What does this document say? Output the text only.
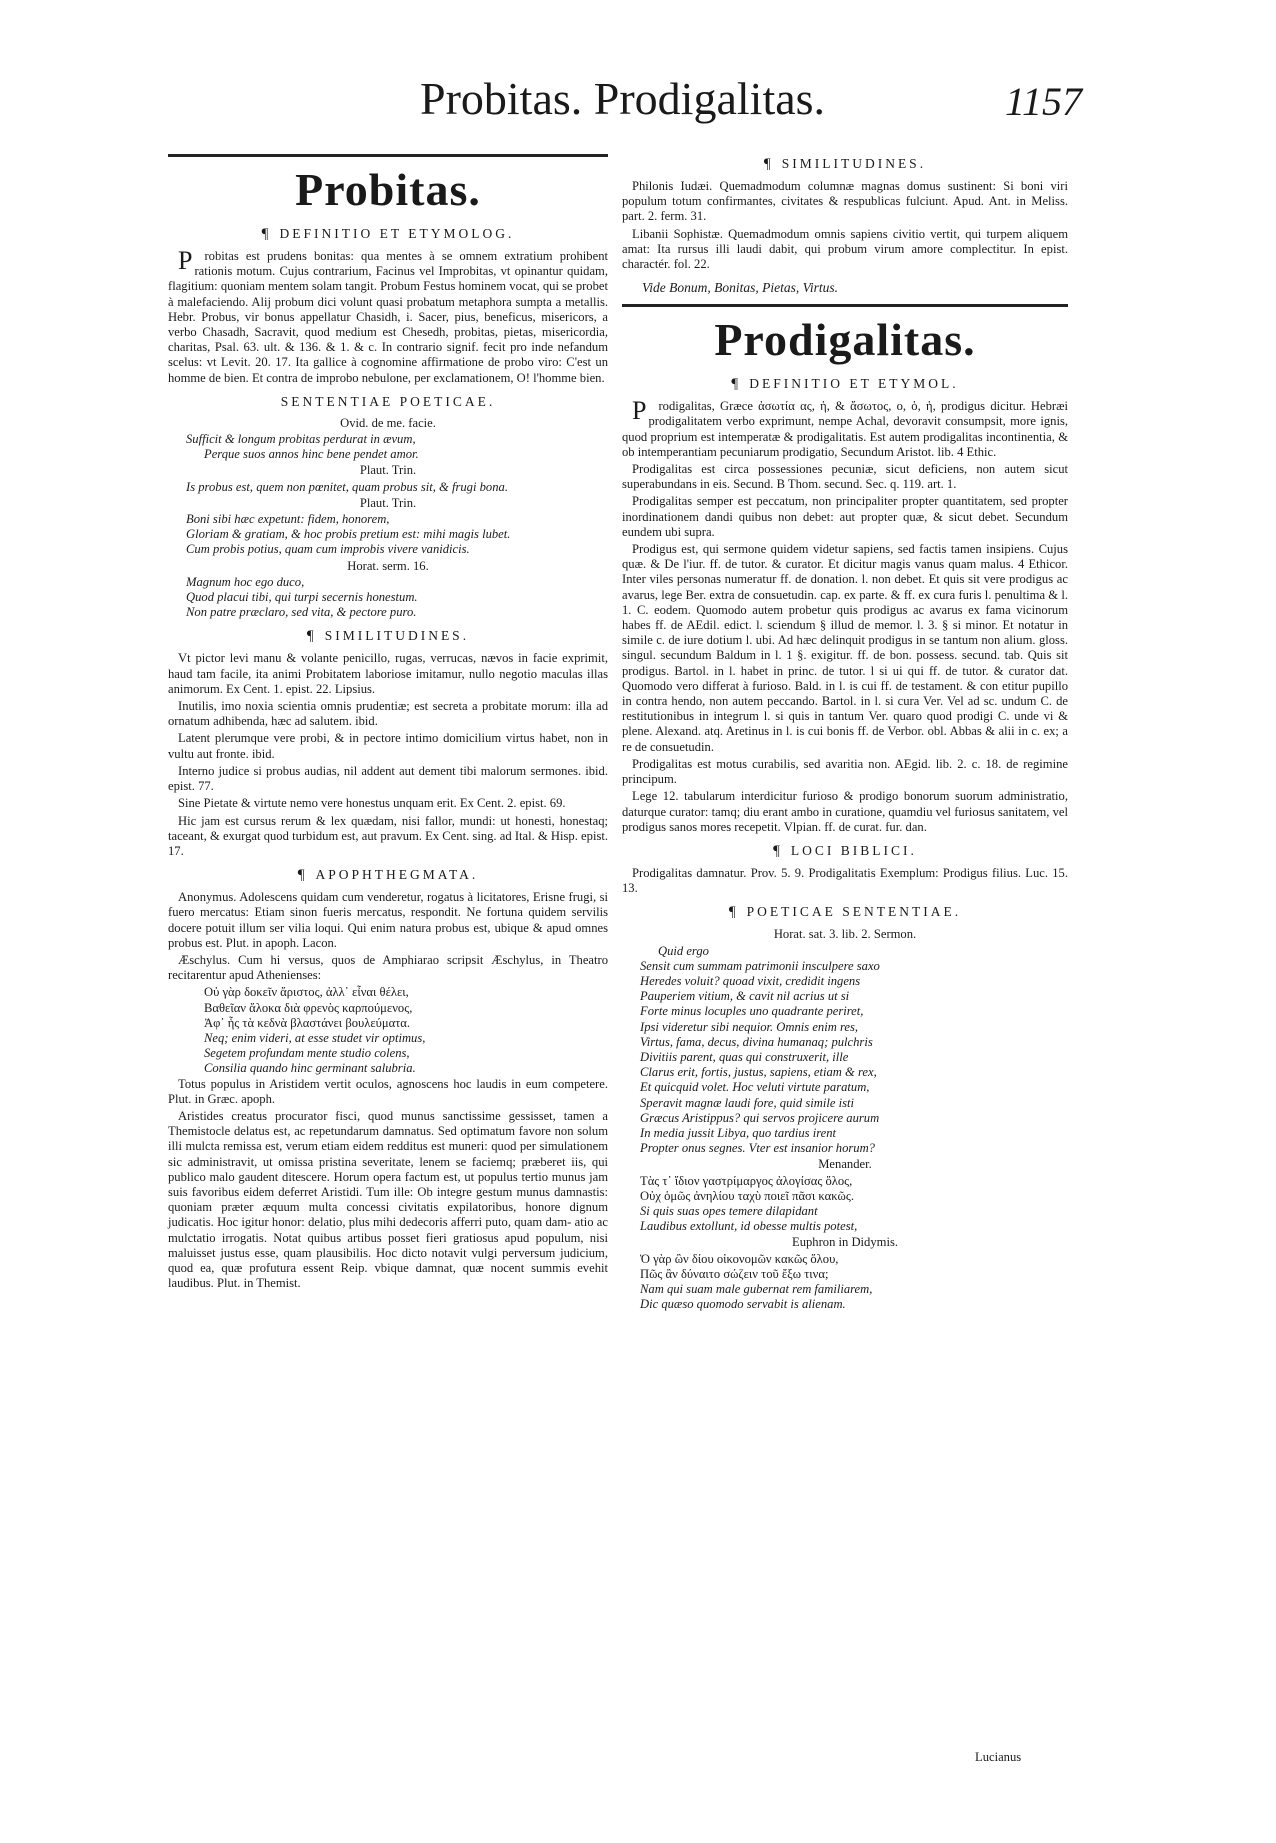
Probitas. Prodigalitas.	1157
Probitas.
¶ DEFINITIO ET ETYMOLOG.

Probitas est prudens bonitas: qua mentes à se omnem extratium prohibent rationis motum. Cujus contrarium, Facinus vel Improbitas, vt opinantur quidam, flagitium: quoniam mentem solam tangit. Probum Festus hominem vocat, qui se probet à malefaciendo. Alij probum dici volunt quasi probatum metaphora sumpta a metallis. Hebr. Probus, vir bonus appellatur Chasidh, i. Sacer, pius, beneficus, misericors, a verbo Chasadh, Sacravit, quod medium est Chesedh, probitas, pietas, misericordia, charitas, Psal. 63. ult. & 136. & 1. & c. In contrario signif. fecit pro inde nefandum scelus: vt Levit. 20. 17. Ita gallice à cognomine affirmatione de probo viro: C'est un homme de bien. Et contra de improbo nebulone, per exclamationem, O! l'homme bien.

SENTENTIAE POETICAE.
Ovid. de me. facie.

Sufficit & longum probitas perdurat in ævum,

Perque suos annos hinc bene pendet amor.

Plaut. Trin.

Is probus est, quem non pœnitet, quam probus sit, & frugi bona.

Plaut. Trin.

Boni sibi hæc expetunt: fidem, honorem,

Gloriam & gratiam, & hoc probis pretium est: mihi magis lubet.

Cum probis potius, quam cum improbis vivere vanidicis.

Horat. serm. 16.

Magnum hoc ego duco,

Quod placui tibi, qui turpi secernis honestum.

Non patre præclaro, sed vita, & pectore puro.

¶ SIMILITUDINES.

Vt pictor levi manu & volante penicillo, rugas, verrucas, nævos in facie exprimit, haud tam facile, ita animi Probitatem laboriose imitamur, nullo negotio maculas illas animorum. Ex Cent. 1. epist. 22. Lipsius.

Inutilis, imo noxia scientia omnis prudentiæ; est secreta a probitate morum: illa ad ornatum adhibenda, hæc ad salutem. ibid.

Latent plerumque vere probi, & in pectore intimo domicilium virtus habet, non in vultu aut fronte. ibid.

Interno judice si probus audias, nil addent aut dement tibi malorum sermones. ibid. epist. 77.

Sine Pietate & virtute nemo vere honestus unquam erit. Ex Cent. 2. epist. 69.

Hic jam est cursus rerum & lex quædam, nisi fallor, mundi: ut honesti, honestaq; taceant, & exurgat quod turbidum est, aut pravum. Ex Cent. sing. ad Ital. & Hisp. epist. 17.

¶ APOPHTHEGMATA.

Anonymus. Adolescens quidam cum venderetur, rogatus à licitatores, Erisne frugi, si fuero mercatus: Etiam sinon fueris mercatus, respondit. Ne fortuna quidem servilis docere potuit illum ser vilia loqui. Qui enim natura probus est, ubique & apud omnes probus est. Plut. in apoph. Lacon.

Æschylus. Cum hi versus, quos de Amphiarao scripsit Æschylus, in Theatro recitarentur apud Athenienses:

Οὐ γὰρ δοκεῖν ἄριστος, ἀλλ᾽ εἶναι θέλει,

Βαθεῖαν ἄλοκα διὰ φρενὸς καρπούμενος,

Ἀφ᾽ ἧς τὰ κεδνὰ βλαστάνει βουλεύματα.

Neq; enim videri, at esse studet vir optimus,

Segetem profundam mente studio colens,

Consilia quando hinc germinant salubria.

Totus populus in Aristidem vertit oculos, agnoscens hoc laudis in eum competere. Plut. in Græc. apoph.

Aristides creatus procurator fisci, quod munus sanctissime gessisset, tamen a Themistocle delatus est, ac repetundarum damnatus. Sed optimatum favore non solum illi mulcta remissa est, verum etiam eidem redditus est muneri: quod per simulationem sic administravit, ut omissa pristina severitate, lenem se faciemq; præberet iis, qui publico malo gaudent ditescere. Horum opera factum est, ut populus tertio munus jam suis favoribus eidem deferret Aristidi. Tum ille: Ob integre gestum munus damnastis: quoniam præter æquum multa concessi civitatis expilatoribus, honore dignum judicatis. Hoc igitur honor: delatio, plus mihi dedecoris afferri puto, quam dam- atio ac mulctatio irrogatis. Notat quibus artibus posset fieri gratiosus apud populum, nisi maluisset justus esse, quam plausibilis. Hoc dicto notavit vulgi perversum judicium, quod ea, quæ profutura essent Reip. vbique damnat, quæ nocent summis evehit laudibus. Plut. in Themist.

¶ SIMILITUDINES.

Philonis Iudæi. Quemadmodum columnæ magnas domus sustinent: Si boni viri populum totum confirmantes, civitates & respublicas fulciunt. Apud. Ant. in Meliss. part. 2. ferm. 31.

Libanii Sophistæ. Quemadmodum omnis sapiens civitio vertit, qui turpem aliquem amat: Ita rursus illi laudi dabit, qui probum virum amore complectitur. In epist. charactér. fol. 22.

Vide Bonum, Bonitas, Pietas, Virtus.
Prodigalitas.
¶ DEFINITIO ET ETYMOL.

Prodigalitas, Græce ἀσωτία ας, ἡ, & ἄσωτος, ο, ὁ, ἡ, prodigus dicitur. Hebræi prodigalitatem verbo exprimunt, nempe Achal, devoravit consumpsit, more ignis, quod proprium est intemperatæ & prodigalitatis. Est autem prodigalitas incontinentia, & ob intemperantiam pecuniarum prodigatio, Secundum Aristot. lib. 4 Ethic.

Prodigalitas est circa possessiones pecuniæ, sicut deficiens, non autem sicut superabundans in eis. Secund. B Thom. secund. Sec. q. 119. art. 1.

Prodigalitas semper est peccatum, non principaliter propter quantitatem, sed propter inordinationem dandi quibus non debet: aut propter quæ, & sicut debet. Secundum eundem ubi supra.

Prodigus est, qui sermone quidem videtur sapiens, sed factis tamen insipiens. Cujus quæ. & De l'iur. ff. de tutor. & curator. Et dicitur magis vanus quam malus. 4 Ethicor. Inter viles personas numeratur ff. de donation. l. non debet. Et quis sit vere prodigus ac avarus, lege Ber. extra de consuetudin. cap. ex parte. & ff. ex cura furis l. penultima & l. 1. C. eodem. Quomodo autem probetur quis prodigus ac avarus ex fama vicinorum habes ff. de AEdil. edict. l. sciendum § illud de memor. l. 3. § si minor. Et notatur in simile c. de iure dotium l. ubi. Ad hæc delinquit prodigus in se tantum non alium. gloss. singul. secundum Baldum in l. 1 §. exigitur. ff. de bon. possess. secund. tab. Quis sit prodigus. Bartol. in l. habet in princ. de tutor. l si ui qui ff. de tutor. & curator dat. Quomodo vero differat à furioso. Bald. in l. is cui ff. de testament. & con etitur pupillo in contra hendo, non autem peccando. Bartol. in l. si cura Ver. Vel ad sc. undum C. de restitutionibus in integrum l. si quis in tantum Ver. quaro quod prodigi C. unde vi & plene. Alexand. atq. Aretinus in l. is cui bonis ff. de Verbor. obl. Abbas & alii in c. ex; a re de consuetudin.

Prodigalitas est motus curabilis, sed avaritia non. AEgid. lib. 2. c. 18. de regimine principum.

Lege 12. tabularum interdicitur furioso & prodigo bonorum suorum administratio, daturque curator: tamq; diu erant ambo in curatione, quamdiu vel furiosus sanitatem, vel prodigus sanos mores recepetit. Vlpian. ff. de curat. fur. dan.

¶ LOCI BIBLICI.

Prodigalitas damnatur. Prov. 5. 9. Prodigalitatis Exemplum: Prodigus filius. Luc. 15. 13.

¶ POETICAE SENTENTIAE.
Horat. sat. 3. lib. 2. Sermon.

Quid ergo

Sensit cum summam patrimonii insculpere saxo

Heredes voluit? quoad vixit, credidit ingens

Pauperiem vitium, & cavit nil acrius ut si

Forte minus locuples uno quadrante periret,

Ipsi videretur sibi nequior. Omnis enim res,

Virtus, fama, decus, divina humanaq; pulchris

Divitiis parent, quas qui construxerit, ille

Clarus erit, fortis, justus, sapiens, etiam & rex,

Et quicquid volet. Hoc veluti virtute paratum,

Speravit magnæ laudi fore, quid simile isti

Græcus Aristippus? qui servos projicere aurum

In media jussit Libya, quo tardius irent

Propter onus segnes. Vter est insanior horum?

Menander.

Τὰς τ᾽ ἴδιον γαστρίμαργος ἀλογίσας ὅλος,

Οὐχ ὁμῶς ἀνηλίου ταχὺ ποιεῖ πᾶσι κακῶς.

Si quis suas opes temere dilapidant

Laudibus extollunt, id obesse multis potest,

Euphron in Didymis.

Ὁ γὰρ ὢν δίου οἰκονομῶν κακῶς ὅλου,

Πῶς ἂν δύναιτο σώζειν τοῦ ἔξω τινα;

Nam qui suam male gubernat rem familiarem,

Dic quæso quomodo servabit is alienam.

Lucianus
